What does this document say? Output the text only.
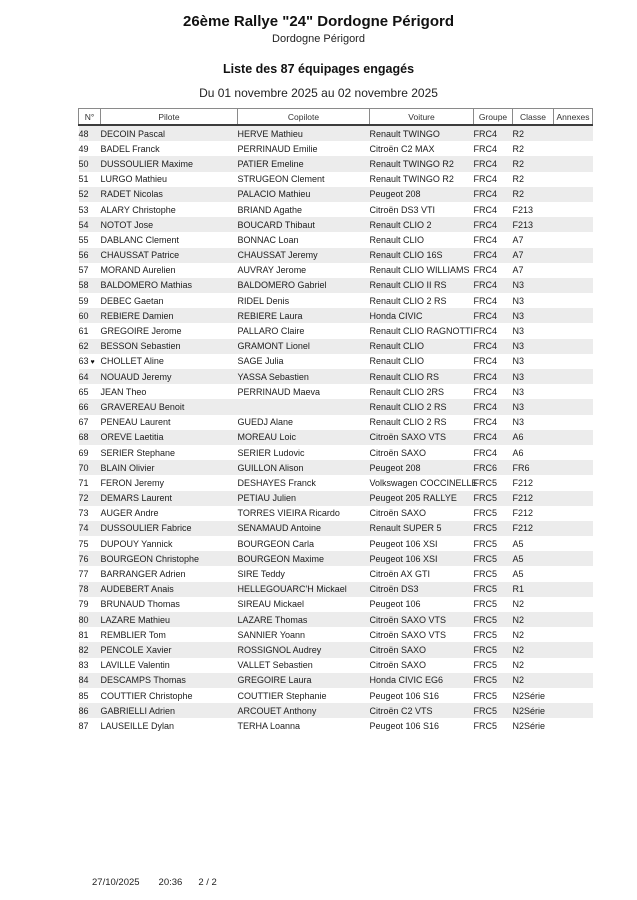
26ème Rallye "24" Dordogne Périgord
Dordogne Périgord
Liste des 87 équipages engagés
Du 01 novembre 2025 au 02 novembre 2025
N°	Pilote	Copilote	Voiture	Groupe	Classe	Annexes
48	DECOIN Pascal	HERVE Mathieu	Renault TWINGO	FRC4	R2	
49	BADEL Franck	PERRINAUD Emilie	Citroën C2 MAX	FRC4	R2	
50	DUSSOULIER Maxime	PATIER Emeline	Renault TWINGO R2	FRC4	R2	
51	LURGO Mathieu	STRUGEON Clement	Renault TWINGO R2	FRC4	R2	
52	RADET Nicolas	PALACIO Mathieu	Peugeot 208	FRC4	R2	
53	ALARY Christophe	BRIAND Agathe	Citroën DS3 VTI	FRC4	F213	
54	NOTOT Jose	BOUCARD Thibaut	Renault CLIO 2	FRC4	F213	
55	DABLANC Clement	BONNAC Loan	Renault CLIO	FRC4	A7	
56	CHAUSSAT Patrice	CHAUSSAT Jeremy	Renault CLIO 16S	FRC4	A7	
57	MORAND Aurelien	AUVRAY Jerome	Renault CLIO WILLIAMS	FRC4	A7	
58	BALDOMERO Mathias	BALDOMERO Gabriel	Renault CLIO II RS	FRC4	N3	
59	DEBEC Gaetan	RIDEL Denis	Renault CLIO 2 RS	FRC4	N3	
60	REBIERE Damien	REBIERE Laura	Honda CIVIC	FRC4	N3	
61	GREGOIRE Jerome	PALLARO Claire	Renault CLIO RAGNOTTI	FRC4	N3	
62	BESSON Sebastien	GRAMONT Lionel	Renault CLIO	FRC4	N3	
63	♥ CHOLLET Aline	SAGE Julia	Renault CLIO	FRC4	N3	
64	NOUAUD Jeremy	YASSA Sebastien	Renault CLIO RS	FRC4	N3	
65	JEAN Theo	PERRINAUD Maeva	Renault CLIO 2RS	FRC4	N3	
66	GRAVEREAU Benoit		Renault CLIO 2 RS	FRC4	N3	
67	PENEAU Laurent	GUEDJ Alane	Renault CLIO 2 RS	FRC4	N3	
68	OREVE Laetitia	MOREAU Loic	Citroën SAXO VTS	FRC4	A6	
69	SERIER Stephane	SERIER Ludovic	Citroën SAXO	FRC4	A6	
70	BLAIN Olivier	GUILLON Alison	Peugeot 208	FRC6	FR6	
71	FERON Jeremy	DESHAYES Franck	Volkswagen COCCINELLE	FRC5	F212	
72	DEMARS Laurent	PETIAU Julien	Peugeot 205 RALLYE	FRC5	F212	
73	AUGER Andre	TORRES VIEIRA Ricardo	Citroën SAXO	FRC5	F212	
74	DUSSOULIER Fabrice	SENAMAUD Antoine	Renault SUPER 5	FRC5	F212	
75	DUPOUY Yannick	BOURGEON Carla	Peugeot 106 XSI	FRC5	A5	
76	BOURGEON Christophe	BOURGEON Maxime	Peugeot 106 XSI	FRC5	A5	
77	BARRANGER Adrien	SIRE Teddy	Citroën AX GTI	FRC5	A5	
78	AUDEBERT Anais	HELLEGOUARC'H Mickael	Citroën DS3	FRC5	R1	
79	BRUNAUD Thomas	SIREAU Mickael	Peugeot 106	FRC5	N2	
80	LAZARE Mathieu	LAZARE Thomas	Citroën SAXO VTS	FRC5	N2	
81	REMBLIER Tom	SANNIER Yoann	Citroën SAXO VTS	FRC5	N2	
82	PENCOLE Xavier	ROSSIGNOL Audrey	Citroën SAXO	FRC5	N2	
83	LAVILLE Valentin	VALLET Sebastien	Citroën SAXO	FRC5	N2	
84	DESCAMPS Thomas	GREGOIRE Laura	Honda CIVIC EG6	FRC5	N2	
85	COUTTIER Christophe	COUTTIER Stephanie	Peugeot 106 S16	FRC5	N2Série	
86	GABRIELLI Adrien	ARCOUET Anthony	Citroën C2 VTS	FRC5	N2Série	
87	LAUSEILLE Dylan	TERHA Loanna	Peugeot 106 S16	FRC5	N2Série	
27/10/2025 20:36 2 / 2
